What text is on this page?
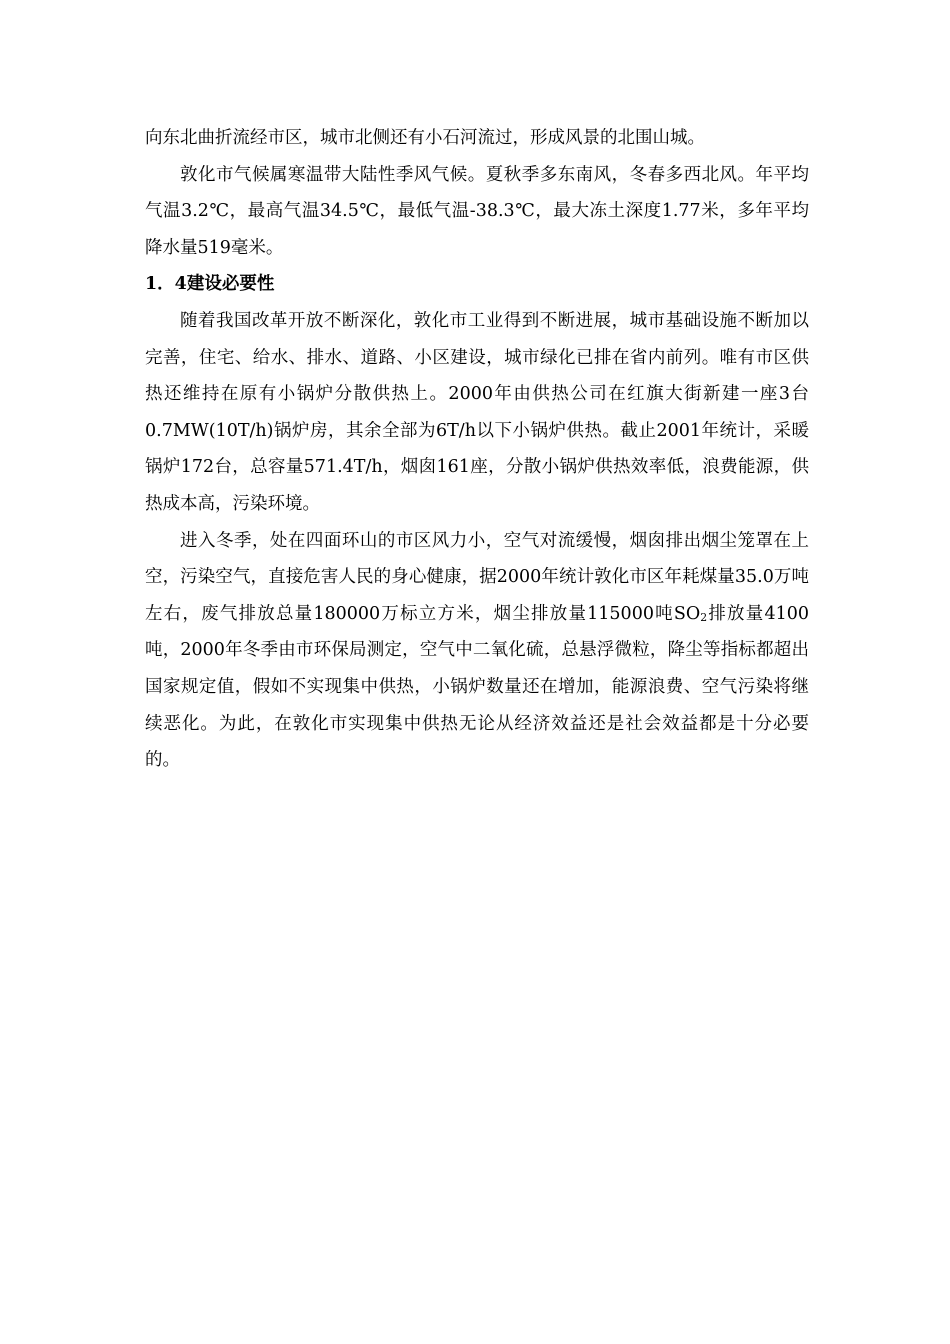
向东北曲折流经市区，城市北侧还有小石河流过，形成风景的北围山城。

敦化市气候属寒温带大陆性季风气候。夏秋季多东南风，冬春多西北风。年平均气温3.2℃，最高气温34.5℃，最低气温-38.3℃，最大冻土深度1.77米，多年平均降水量519毫米。

1．4建设必要性

随着我国改革开放不断深化，敦化市工业得到不断进展，城市基础设施不断加以完善，住宅、给水、排水、道路、小区建设，城市绿化已排在省内前列。唯有市区供热还维持在原有小锅炉分散供热上。2000年由供热公司在红旗大街新建一座3台0.7MW(10T/h)锅炉房，其余全部为6T/h以下小锅炉供热。截止2001年统计，采暖锅炉172台，总容量571.4T/h，烟囱161座，分散小锅炉供热效率低，浪费能源，供热成本高，污染环境。

进入冬季，处在四面环山的市区风力小，空气对流缓慢，烟囱排出烟尘笼罩在上空，污染空气，直接危害人民的身心健康，据2000年统计敦化市区年耗煤量35.0万吨左右，废气排放总量180000万标立方米，烟尘排放量115000吨$SO_2$排放量4100吨，2000年冬季由市环保局测定，空气中二氧化硫，总悬浮微粒，降尘等指标都超出国家规定值，假如不实现集中供热，小锅炉数量还在增加，能源浪费、空气污染将继续恶化。为此，在敦化市实现集中供热无论从经济效益还是社会效益都是十分必要的。
